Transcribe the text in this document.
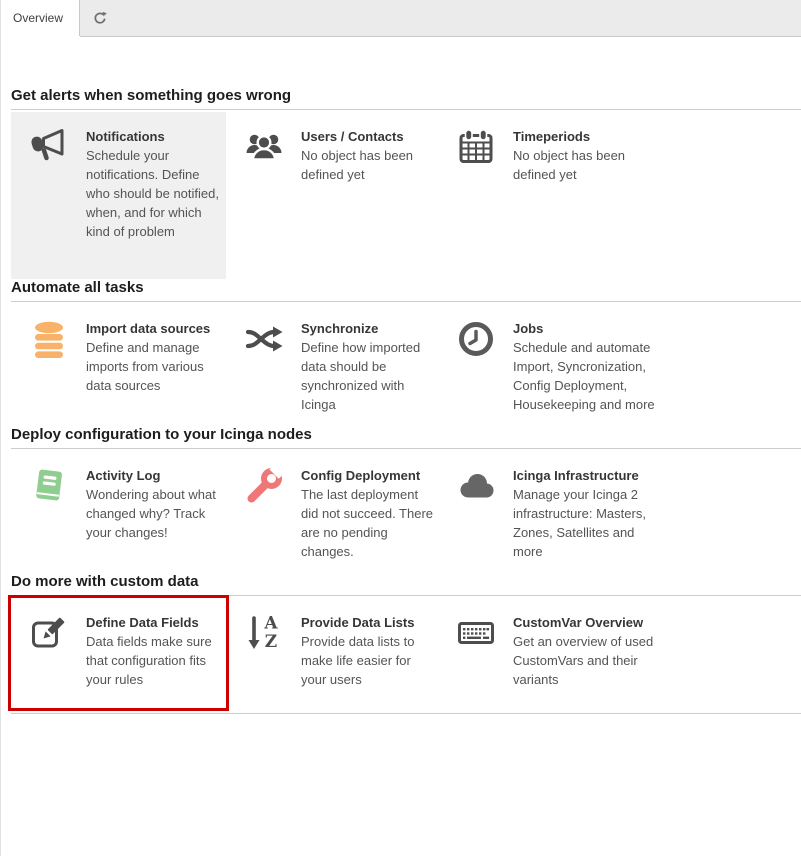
Overview
Get alerts when something goes wrong
Notifications
Schedule your notifications. Define who should be notified, when, and for which kind of problem
Users / Contacts
No object has been defined yet
Timeperiods
No object has been defined yet
Automate all tasks
Import data sources
Define and manage imports from various data sources
Synchronize
Define how imported data should be synchronized with Icinga
Jobs
Schedule and automate Import, Syncronization, Config Deployment, Housekeeping and more
Deploy configuration to your Icinga nodes
Activity Log
Wondering about what changed why? Track your changes!
Config Deployment
The last deployment did not succeed. There are no pending changes.
Icinga Infrastructure
Manage your Icinga 2 infrastructure: Masters, Zones, Satellites and more
Do more with custom data
Define Data Fields
Data fields make sure that configuration fits your rules
A
Z
Provide Data Lists
Provide data lists to make life easier for your users
CustomVar Overview
Get an overview of used CustomVars and their variants
